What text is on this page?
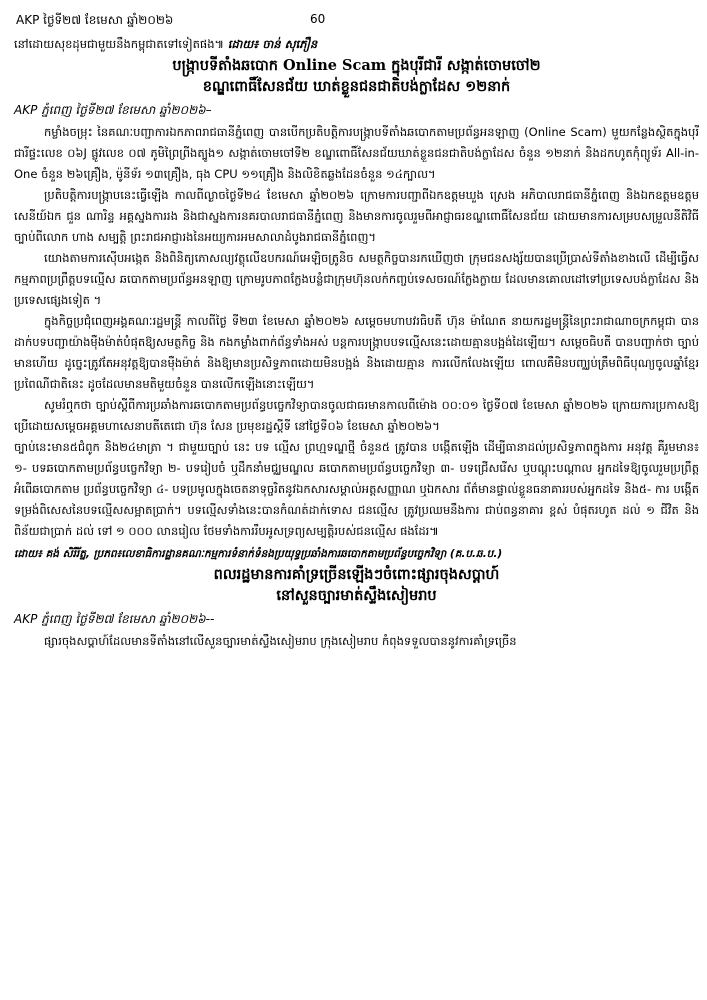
AKP ថ្ងៃទី២៧ ខែមេសា ឆ្នាំ២០២៦	60

នៅដោយសុខដុមជាមួយនឹងកម្ពុជាតទៅទៀតផង៕ ដោយ៖ ចាន់ សុភឿន

បង្ក្រាបទីតាំងឆបោក Online Scam ក្នុងបុរីជារី សង្កាត់ចោមចៅ២

ខណ្ឌពោធិ៍សែនជ័យ ឃាត់ខ្លួនជនជាតិបង់ក្លាដែស ១២នាក់

AKP ភ្នំពេញ ថ្ងៃទី២៧ ខែមេសា ឆ្នាំ២០២៦–

កម្លាំងចម្រុះ នៃគណៈបញ្ជាការឯកភាពរាជធានីភ្នំពេញ បានបើកប្រតិបត្តិការបង្ក្រាបទីតាំងឆបោកតាមប្រព័ន្ធអនឡាញ (Online Scam) មួយកន្លែងស្ថិតក្នុងបុរីជារីផ្ទះលេខ ០៦J ផ្លូវលេខ ០៧ ភូមិព្រៃព្រីងត្បូង១ សង្កាត់ចោមចៅទី២ ខណ្ឌពោធិ៍សែនជ័យឃាត់ខ្លួនជនជាតិបង់ក្លាដែស ចំនួន ១២នាក់ និងដកហូតកុំព្យូទ័រ All-in-One ចំនួន ២៦គ្រឿង, ម៉ូនីទ័រ ១៣គ្រឿង, ធុង CPU ១១គ្រឿង និងលិខិតឆ្លងដែនចំនួន ១៤ក្បាល។

ប្រតិបត្តិការបង្ក្រាបនេះធ្វើឡើង កាលពីល្ងាចថ្ងៃទី២៤ ខែមេសា ឆ្នាំ២០២៦ ក្រោមការបញ្ជាពីឯកឧត្តមឃួង ស្រេង អភិបាលរាជធានីភ្នំពេញ និងឯកឧត្តមឧត្តមសេនីយ៍ឯក ជួន ណារិន្ទ អគ្គស្នងការរង និងជាស្នងការនគរបាលរាជធានីភ្នំពេញ និងមានការចូលរួមពីអាជ្ញាធរខណ្ឌពោធិ៍សែនជ័យ ដោយមានការសម្របសម្រួលនីតិវិធីច្បាប់ពីលោក ហាង សម្បត្តិ ព្រះរាជអាជ្ញារងនៃអយ្យការអមសាលាដំបូងរាជធានីភ្នំពេញ។

យោងតាមការស៊ើបអង្កេត និងពិនិត្យភោសល្យវត្ថុលើឧបករណ៍អេឡិចត្រូនិច សមត្ថកិច្ចបានរកឃើញថា ក្រុមជនសង្ស័យបានប្រើប្រាស់ទីតាំងខាងលើ ដើម្បីធ្វើសកម្មភាពប្រព្រឹត្តបទល្មើស ឆបោកតាមប្រព័ន្ធអនឡាញ ក្រោមរូបភាពក្លែងបន្លំជាក្រុមហ៊ុនលក់កញ្ចប់ទេសចរណ៍ក្លែងក្លាយ ដែលមានគោលដៅទៅប្រទេសបង់ក្លាដែស និងប្រទេសផ្សេងទៀត ។

ក្នុងកិច្ចប្រជុំពេញអង្គគណៈរដ្ឋមន្ត្រី កាលពីថ្ងៃ ទី២៣ ខែមេសា ឆ្នាំ២០២៦ សម្តេចមហាបវរធិបតី ហ៊ុន ម៉ាណែត នាយករដ្ឋមន្ត្រីនៃព្រះរាជាណាចក្រកម្ពុជា បានដាក់បទបញ្ជាយ៉ាងម៉ឺងម៉ាត់បំផុតឱ្យសមត្ថកិច្ច និង កងកម្លាំងពាក់ព័ន្ធទាំងអស់ បន្តការបង្ក្រាបបទល្មើសនេះដោយគ្មានបង្អង់ដៃឡើយ។ សម្តេចធិបតី បានបញ្ជាក់ថា ច្បាប់មានហើយ ដូច្នេះត្រូវតែអនុវត្តឱ្យបានម៉ឺងម៉ាត់ និងឱ្យមានប្រសិទ្ធភាពដោយមិនបង្អង់ និងដោយគ្មាន ការលើកលែងឡើយ ពោលគឺមិនបញ្ឈប់ត្រឹមពិធីបុណ្យចូលឆ្នាំខ្មែរ ប្រពៃណីជាតិនេះ ដូចដែលមានមតិមួយចំនួន បានលើកឡើងនោះឡើយ។

សូមរំឮកថា ច្បាប់ស្តីពីការប្រឆាំងការឆបោកតាមប្រព័ន្ធបច្ចេកវិទ្យាបានចូលជាធរមានកាលពីម៉ោង ០០:០១ ថ្ងៃទី០៧ ខែមេសា ឆ្នាំ២០២៦ ក្រោយការប្រកាសឱ្យប្រើដោយសម្តេចអគ្គមហាសេនាបតីតេជោ ហ៊ុន សែន ប្រមុខរដ្ឋស្តីទី នៅថ្ងៃទី០៦ ខែមេសា ឆ្នាំ២០២៦។

ច្បាប់នេះមាន៥ជំពូក និង២៤មាត្រា ។ ជាមួយច្បាប់ នេះ បទ ល្មើស ព្រហ្មទណ្ឌថ្មី ចំនួន៥ ត្រូវបាន បង្កើតឡើង ដើម្បីធានាដល់ប្រសិទ្ធភាពក្នុងការ អនុវត្ត គឺរួមមាន៖ ១- បទឆបោកតាមប្រព័ន្ធបច្ចេកវិទ្យា ២- បទរៀបចំ ឬដឹកនាំមជ្ឈមណ្ឌល ឆបោកតាមប្រព័ន្ធបច្ចេកវិទ្យា ៣- បទជ្រើសរើស ឬបណ្តុះបណ្តាល អ្នកដទៃឱ្យចូលរួមប្រព្រឹត្តអំពើឆបោកតាម ប្រព័ន្ធបច្ចេកវិទ្យា ៤- បទប្រមូលក្នុងចេតនាទុច្ចរិតនូវឯកសារសម្គាល់អត្តសញ្ញាណ ឬឯកសារ ព័ត៌មានផ្ទាល់ខ្លួនធនាគាររបស់អ្នកដទៃ និង៥- ការ បង្កើតទម្រង់ពិសេសនៃបទល្មើសសម្អាតប្រាក់។ បទល្មើសទាំងនេះបានកំណត់ដាក់ទោស ជនល្មើស ត្រូវប្រឈមនឹងការ ជាប់ពន្ធនាគារ ខ្ពស់ បំផុតរហូត ដល់ ១ ជីវិត និង ពិន័យជាប្រាក់ ដល់ ទៅ ១ ០០០ លានរៀល ថែមទាំងការរឹបអូសទ្រព្យសម្បត្តិរបស់ជនល្មើស ផងដែរ៕

ដោយ៖ គង់ សិរីរ័ត្ន, ប្រភព៖លេខាធិការដ្ឋានគណៈកម្មការទំនាក់ទំនងប្រយុទ្ធប្រឆាំងការឆបោកតាមប្រព័ន្ធបច្ចេកវិទ្យា (គ.ប.ឆ.ប.)

ពលរដ្ឋមានការគាំទ្រច្រើនឡើងៗចំពោះផ្សារចុងសប្តាហ៍

នៅសួនច្បារមាត់ស្ទឹងសៀមរាប

AKP ភ្នំពេញ ថ្ងៃទី២៧ ខែមេសា ឆ្នាំ២០២៦--

ផ្សារចុងសប្តាហ៍ដែលមានទីតាំងនៅលើសួនច្បារមាត់ស្ទឹងសៀមរាប ក្រុងសៀមរាប កំពុងទទួលបាននូវការគាំទ្រច្រើន
